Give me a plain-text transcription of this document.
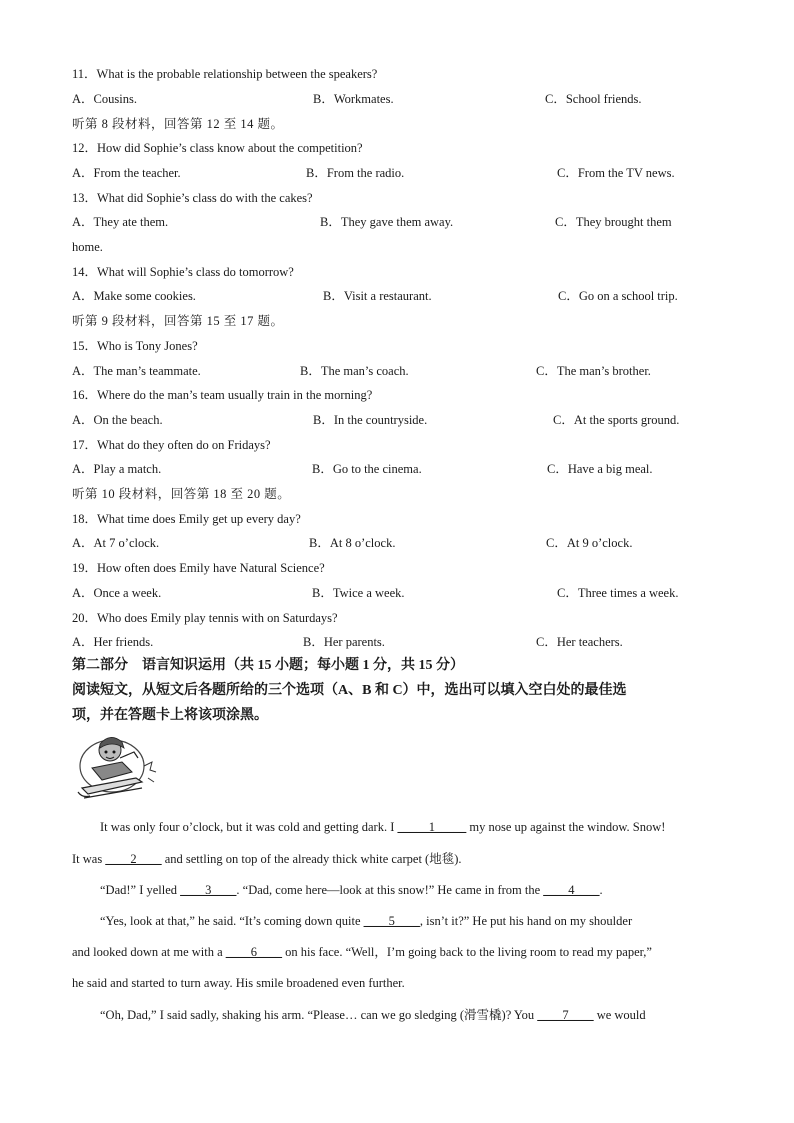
11．What is the probable relationship between the speakers?
A．Cousins.	B．Workmates.	C．School friends.
听第 8 段材料，回答第 12 至 14 题。
12．How did Sophie’s class know about the competition?
A．From the teacher.	B．From the radio.	C．From the TV news.
13．What did Sophie’s class do with the cakes?
A．They ate them.	B．They gave them away.	C．They brought them
home.
14．What will Sophie’s class do tomorrow?
A．Make some cookies.	B．Visit a restaurant.	C．Go on a school trip.
听第 9 段材料，回答第 15 至 17 题。
15．Who is Tony Jones?
A．The man’s teammate.	B．The man’s coach.	C．The man’s brother.
16．Where do the man’s team usually train in the morning?
A．On the beach.	B．In the countryside.	C．At the sports ground.
17．What do they often do on Fridays?
A．Play a match.	B．Go to the cinema.	C．Have a big meal.
听第 10 段材料，回答第 18 至 20 题。
18．What time does Emily get up every day?
A．At 7 o’clock.	B．At 8 o’clock.	C．At 9 o’clock.
19．How often does Emily have Natural Science?
A．Once a week.	B．Twice a week.	C．Three times a week.
20．Who does Emily play tennis with on Saturdays?
A．Her friends.	B．Her parents.	C．Her teachers.
第二部分　语言知识运用（共 15 小题；每小题 1 分，共 15 分）
阅读短文，从短文后各题所给的三个选项（A、B 和 C）中，选出可以填入空白处的最佳选
项，并在答题卡上将该项涂黑。
It was only four o’clock, but it was cold and getting dark. I _____1_____ my nose up against the window. Snow!
It was ____2____ and settling on top of the already thick white carpet (地毯).
“Dad!” I yelled ____3____. “Dad, come here—look at this snow!” He came in from the ____4____.
“Yes, look at that,” he said. “It’s coming down quite ____5____, isn’t it?” He put his hand on my shoulder
and looked down at me with a ____6____ on his face. “Well，I’m going back to the living room to read my paper,”
he said and started to turn away. His smile broadened even further.
“Oh, Dad,” I said sadly, shaking his arm. “Please… can we go sledging (滑雪橇)? You ____7____ we would
